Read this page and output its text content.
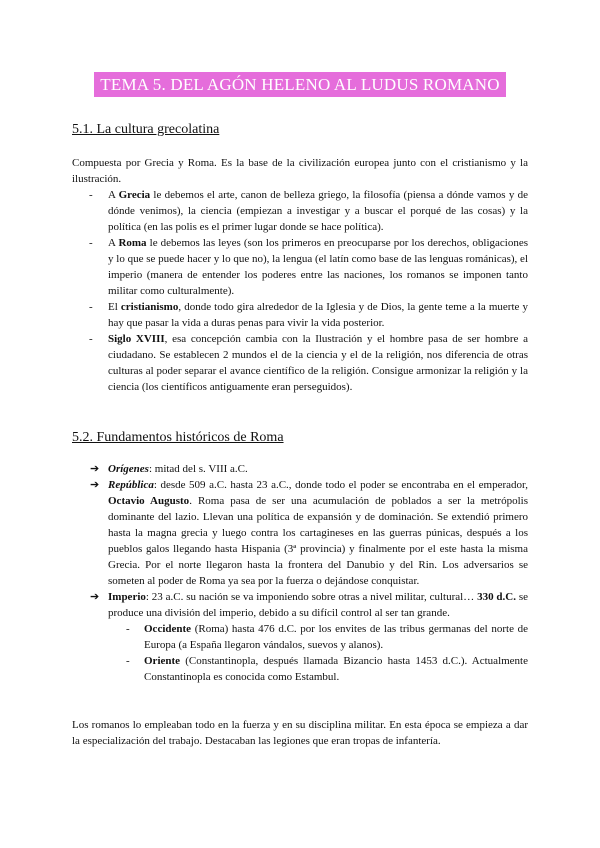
TEMA 5. DEL AGÓN HELENO AL LUDUS ROMANO
5.1. La cultura grecolatina

Compuesta por Grecia y Roma. Es la base de la civilización europea junto con el cristianismo y la ilustración.

- A Grecia le debemos el arte, canon de belleza griego, la filosofía (piensa a dónde vamos y de dónde venimos), la ciencia (empiezan a investigar y a buscar el porqué de las cosas) y la política (en las polis es el primer lugar donde se hace política).
- A Roma le debemos las leyes (son los primeros en preocuparse por los derechos, obligaciones y lo que se puede hacer y lo que no), la lengua (el latín como base de las lenguas románicas), el imperio (manera de entender los poderes entre las naciones, los romanos se imponen tanto militar como culturalmente).
- El cristianismo, donde todo gira alrededor de la Iglesia y de Dios, la gente teme a la muerte y hay que pasar la vida a duras penas para vivir la vida posterior.
- Siglo XVIII, esa concepción cambia con la Ilustración y el hombre pasa de ser hombre a ciudadano. Se establecen 2 mundos el de la ciencia y el de la religión, nos diferencia de otras culturas al poder separar el avance científico de la religión. Consigue armonizar la religión y la ciencia (los científicos antiguamente eran perseguidos).
5.2. Fundamentos históricos de Roma
➔ Orígenes: mitad del s. VIII a.C.
➔ República: desde 509 a.C. hasta 23 a.C., donde todo el poder se encontraba en el emperador, Octavio Augusto. Roma pasa de ser una acumulación de poblados a ser la metrópolis dominante del lazio. Llevan una política de expansión y de dominación. Se extendió primero hasta la magna grecia y luego contra los cartagineses en las guerras púnicas, después a los pueblos galos llegando hasta Hispania (3ª provincia) y finalmente por el este hasta la misma Grecia. Por el norte llegaron hasta la frontera del Danubio y del Rin. Los adversarios se someten al poder de Roma ya sea por la fuerza o dejándose conquistar.
➔ Imperio: 23 a.C. su nación se va imponiendo sobre otras a nivel militar, cultural… 330 d.C. se produce una división del imperio, debido a su difícil control al ser tan grande.
- Occidente (Roma) hasta 476 d.C. por los envites de las tribus germanas del norte de Europa (a España llegaron vándalos, suevos y alanos).
- Oriente (Constantinopla, después llamada Bizancio hasta 1453 d.C.). Actualmente Constantinopla es conocida como Estambul.

Los romanos lo empleaban todo en la fuerza y en su disciplina militar. En esta época se empieza a dar la especialización del trabajo. Destacaban las legiones que eran tropas de infantería.
